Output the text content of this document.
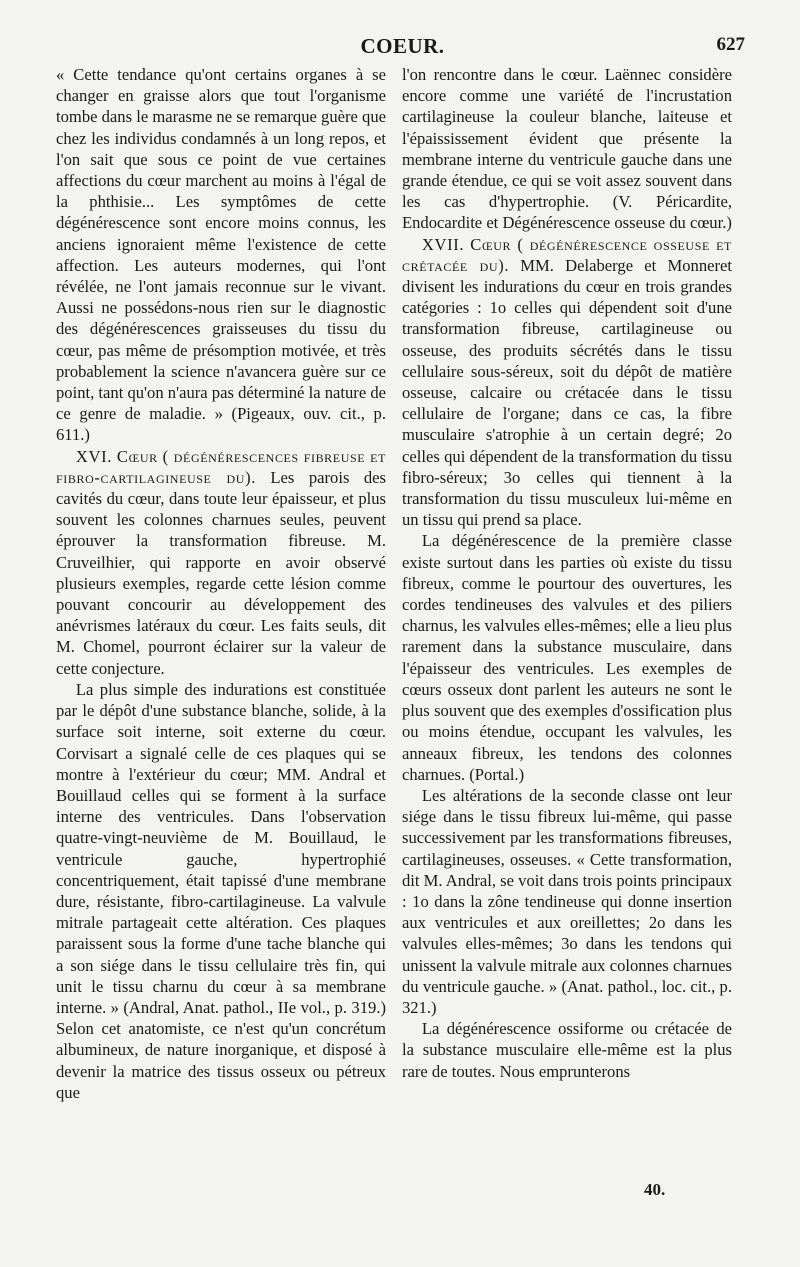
COEUR.	627

« Cette tendance qu'ont certains organes à se changer en graisse alors que tout l'organisme tombe dans le marasme ne se remarque guère que chez les individus condamnés à un long repos, et l'on sait que sous ce point de vue certaines affections du cœur marchent au moins à l'égal de la phthisie... Les symptômes de cette dégénérescence sont encore moins connus, les anciens ignoraient même l'existence de cette affection. Les auteurs modernes, qui l'ont révélée, ne l'ont jamais reconnue sur le vivant. Aussi ne possédons-nous rien sur le diagnostic des dégénérescences graisseuses du tissu du cœur, pas même de présomption motivée, et très probablement la science n'avancera guère sur ce point, tant qu'on n'aura pas déterminé la nature de ce genre de maladie. » (Pigeaux, ouv. cit., p. 611.)

XVI. Cœur ( dégénérescences fibreuse et fibro-cartilagineuse du). Les parois des cavités du cœur, dans toute leur épaisseur, et plus souvent les colonnes charnues seules, peuvent éprouver la transformation fibreuse. M. Cruveilhier, qui rapporte en avoir observé plusieurs exemples, regarde cette lésion comme pouvant concourir au développement des anévrismes latéraux du cœur. Les faits seuls, dit M. Chomel, pourront éclairer sur la valeur de cette conjecture.

La plus simple des indurations est constituée par le dépôt d'une substance blanche, solide, à la surface soit interne, soit externe du cœur. Corvisart a signalé celle de ces plaques qui se montre à l'extérieur du cœur; MM. Andral et Bouillaud celles qui se forment à la surface interne des ventricules. Dans l'observation quatre-vingt-neuvième de M. Bouillaud, le ventricule gauche, hypertrophié concentriquement, était tapissé d'une membrane dure, résistante, fibro-cartilagineuse. La valvule mitrale partageait cette altération. Ces plaques paraissent sous la forme d'une tache blanche qui a son siége dans le tissu cellulaire très fin, qui unit le tissu charnu du cœur à sa membrane interne. » (Andral, Anat. pathol., IIe vol., p. 319.) Selon cet anatomiste, ce n'est qu'un concrétum albumineux, de nature inorganique, et disposé à devenir la matrice des tissus osseux ou pétreux que

l'on rencontre dans le cœur. Laënnec considère encore comme une variété de l'incrustation cartilagineuse la couleur blanche, laiteuse et l'épaississement évident que présente la membrane interne du ventricule gauche dans une grande étendue, ce qui se voit assez souvent dans les cas d'hypertrophie. (V. Péricardite, Endocardite et Dégénérescence osseuse du cœur.)

XVII. Cœur ( dégénérescence osseuse et crétacée du). MM. Delaberge et Monneret divisent les indurations du cœur en trois grandes catégories : 1o celles qui dépendent soit d'une transformation fibreuse, cartilagineuse ou osseuse, des produits sécrétés dans le tissu cellulaire sous-séreux, soit du dépôt de matière osseuse, calcaire ou crétacée dans le tissu cellulaire de l'organe; dans ce cas, la fibre musculaire s'atrophie à un certain degré; 2o celles qui dépendent de la transformation du tissu fibro-séreux; 3o celles qui tiennent à la transformation du tissu musculeux lui-même en un tissu qui prend sa place.

La dégénérescence de la première classe existe surtout dans les parties où existe du tissu fibreux, comme le pourtour des ouvertures, les cordes tendineuses des valvules et des piliers charnus, les valvules elles-mêmes; elle a lieu plus rarement dans la substance musculaire, dans l'épaisseur des ventricules. Les exemples de cœurs osseux dont parlent les auteurs ne sont le plus souvent que des exemples d'ossification plus ou moins étendue, occupant les valvules, les anneaux fibreux, les tendons des colonnes charnues. (Portal.)

Les altérations de la seconde classe ont leur siége dans le tissu fibreux lui-même, qui passe successivement par les transformations fibreuses, cartilagineuses, osseuses. « Cette transformation, dit M. Andral, se voit dans trois points principaux : 1o dans la zône tendineuse qui donne insertion aux ventricules et aux oreillettes; 2o dans les valvules elles-mêmes; 3o dans les tendons qui unissent la valvule mitrale aux colonnes charnues du ventricule gauche. » (Anat. pathol., loc. cit., p. 321.)

La dégénérescence ossiforme ou crétacée de la substance musculaire elle-même est la plus rare de toutes. Nous emprunterons

40.
